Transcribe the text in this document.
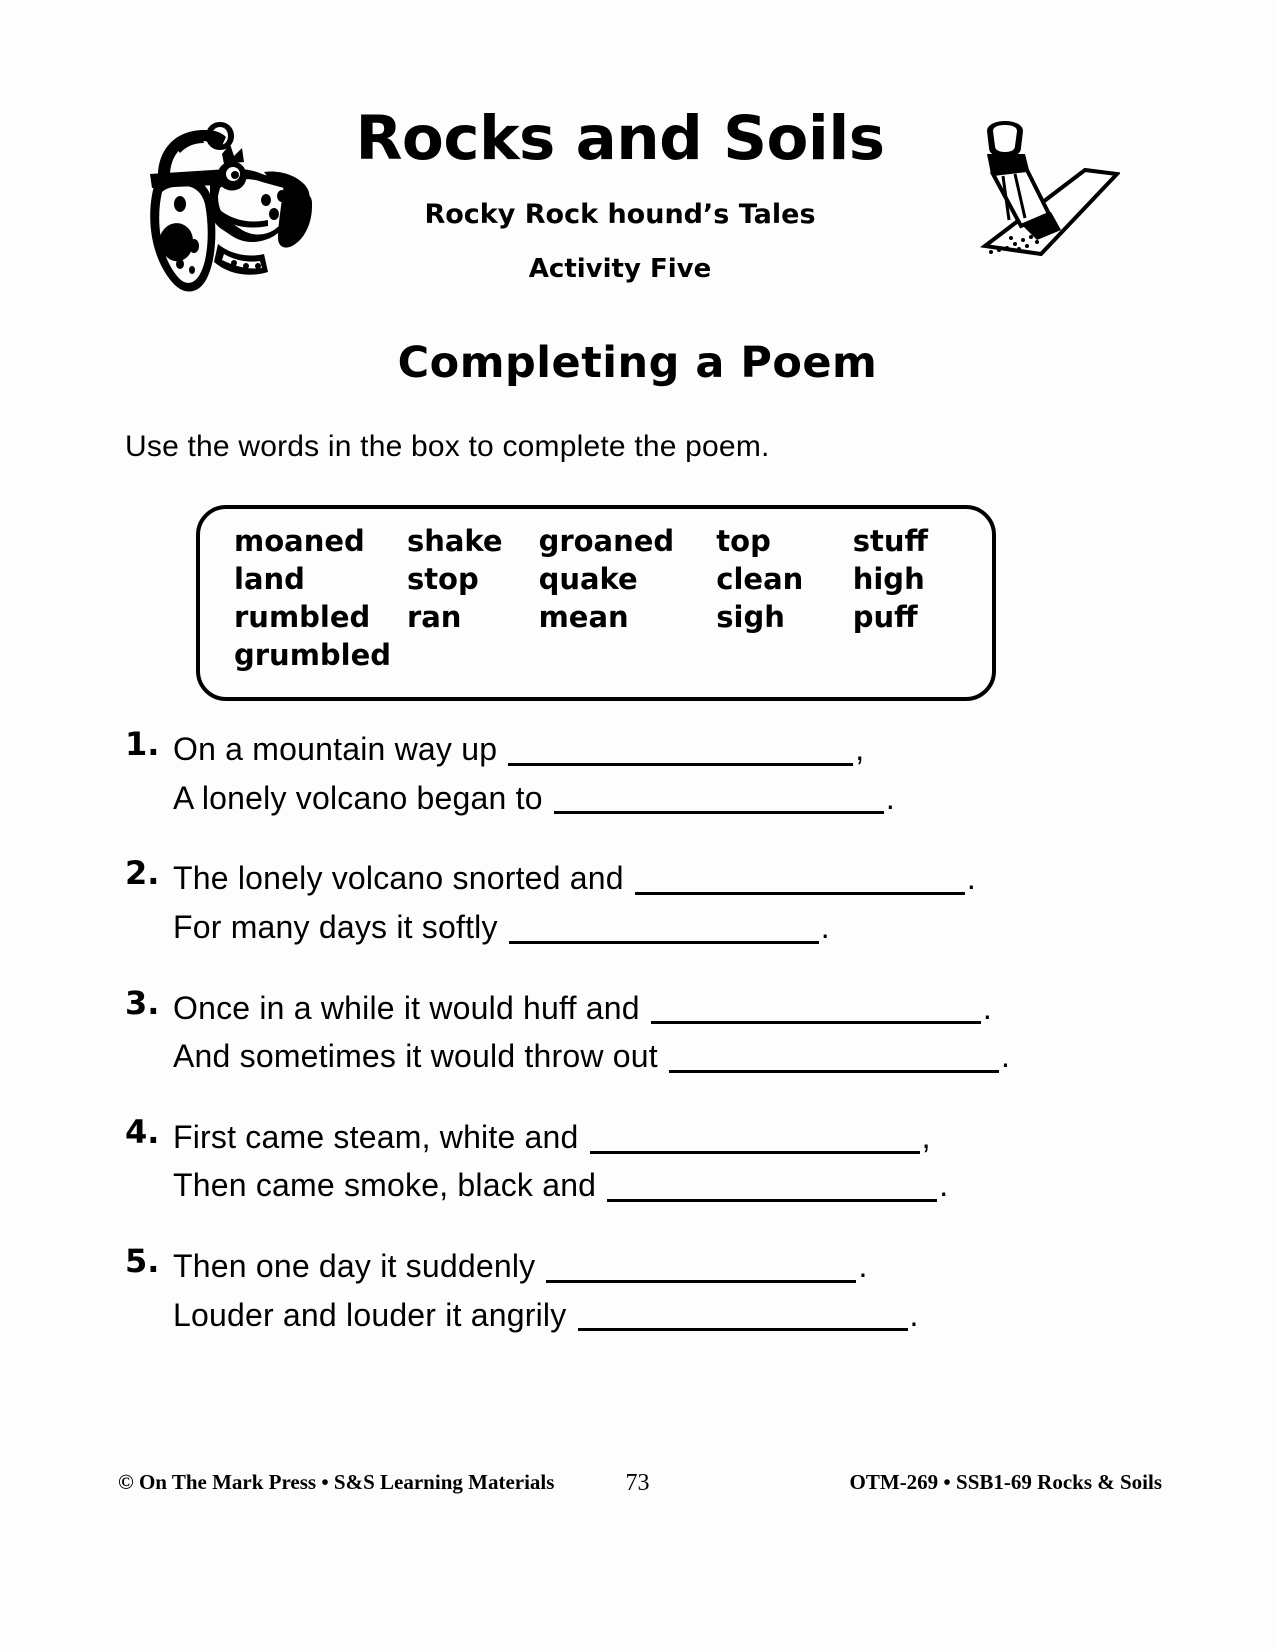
Rocks and Soils
Rocky Rock hound’s Tales
Activity Five
Completing a Poem
Use the words in the box to complete the poem.
moaned	shake	groaned	top	stuff
land	stop	quake	clean	high
rumbled	ran	mean	sigh	puff
grumbled
1. On a mountain way up	,
A lonely volcano began to	.
2. The lonely volcano snorted and	.
For many days it softly	.
3. Once in a while it would huff and	.
And sometimes it would throw out	.
4. First came steam, white and	,
Then came smoke, black and	.
5. Then one day it suddenly	.
Louder and louder it angrily	.
© On The Mark Press • S&S Learning Materials	73	OTM-269 • SSB1-69 Rocks & Soils
